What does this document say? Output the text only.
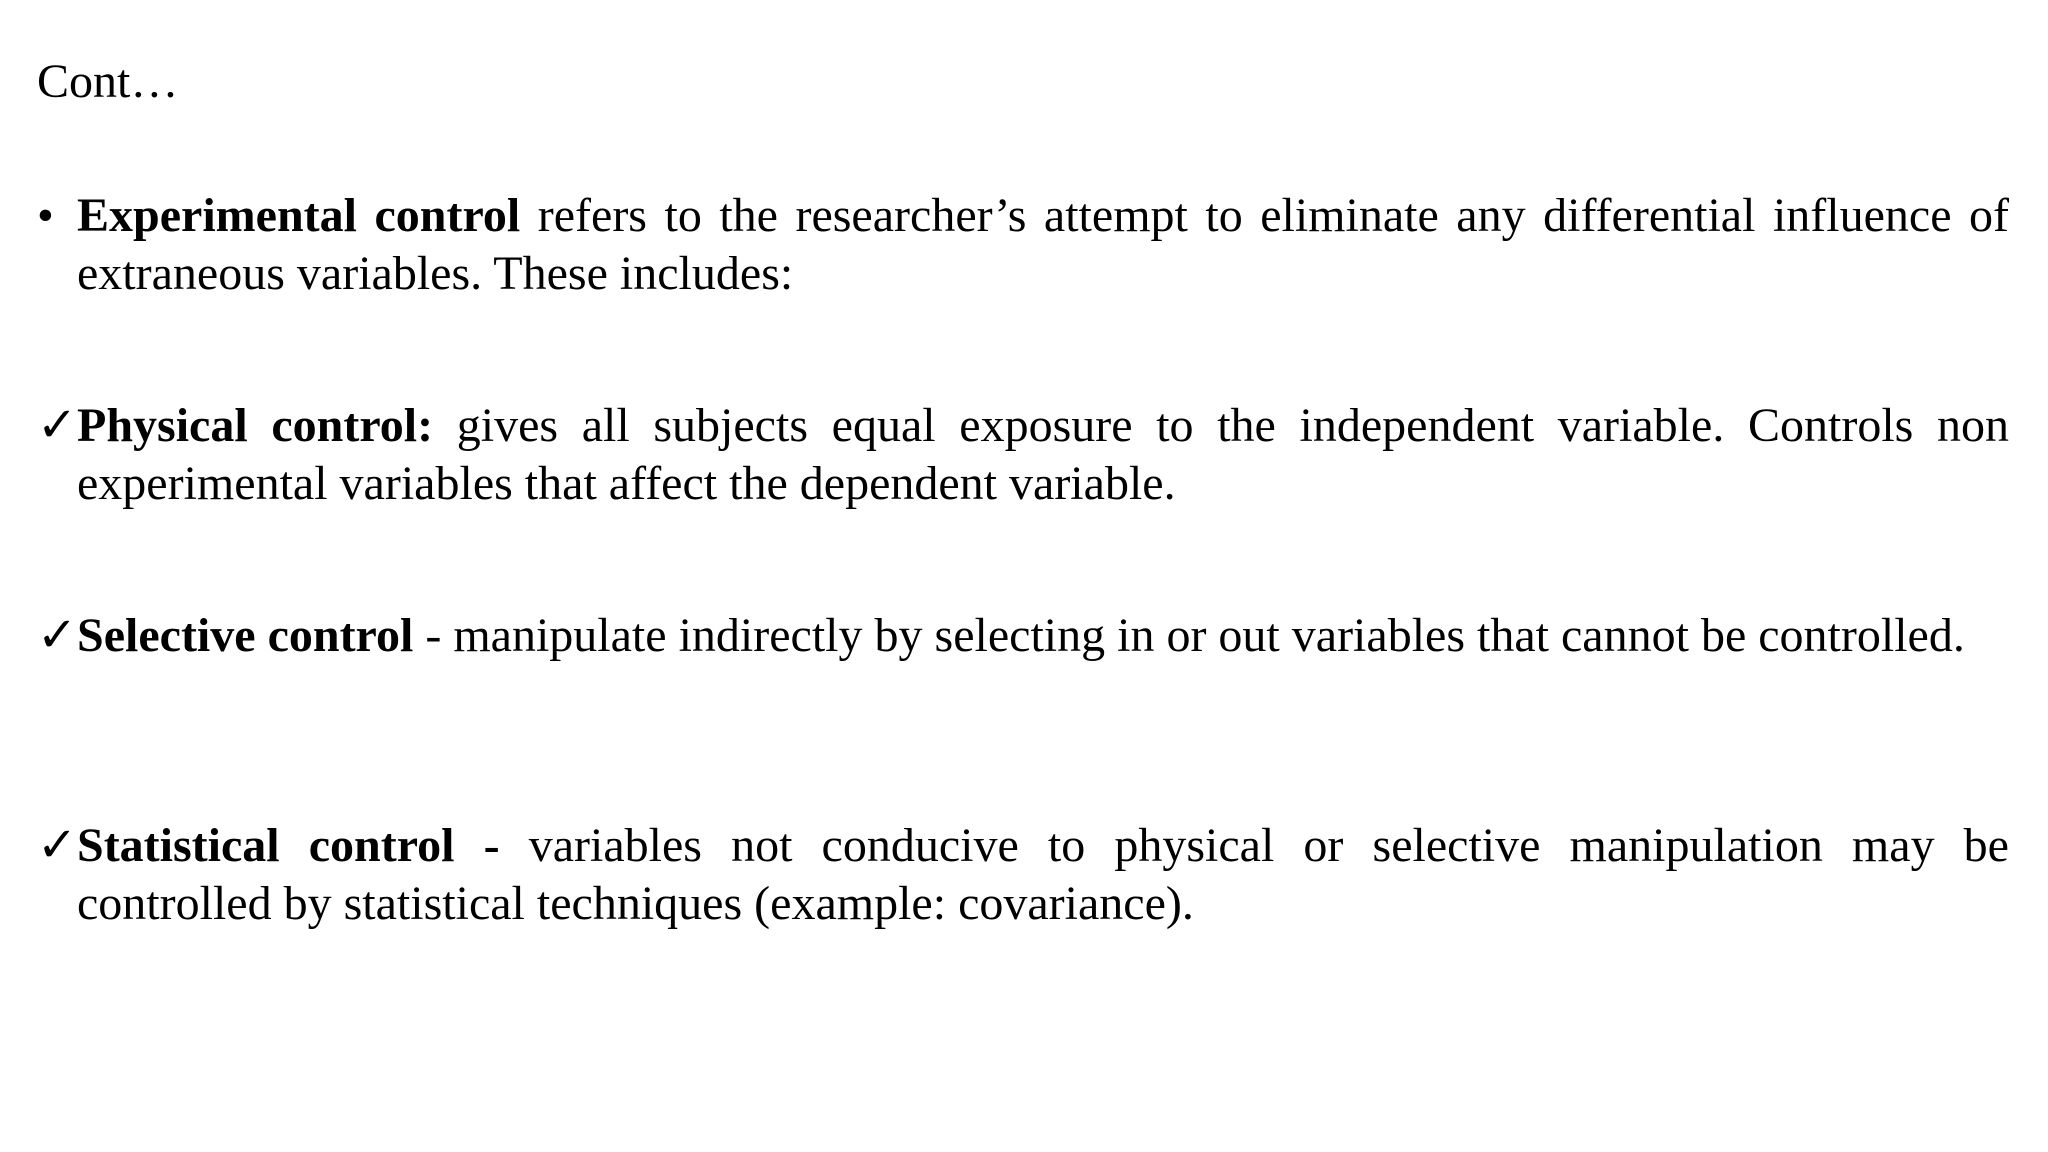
Cont…
• Experimental control refers to the researcher’s attempt to eliminate any differential influence of extraneous variables. These includes:
✓ Physical control: gives all subjects equal exposure to the independent variable. Controls non experimental variables that affect the dependent variable.
✓ Selective control - manipulate indirectly by selecting in or out variables that cannot be controlled.
✓ Statistical control - variables not conducive to physical or selective manipulation may be controlled by statistical techniques (example: covariance).
